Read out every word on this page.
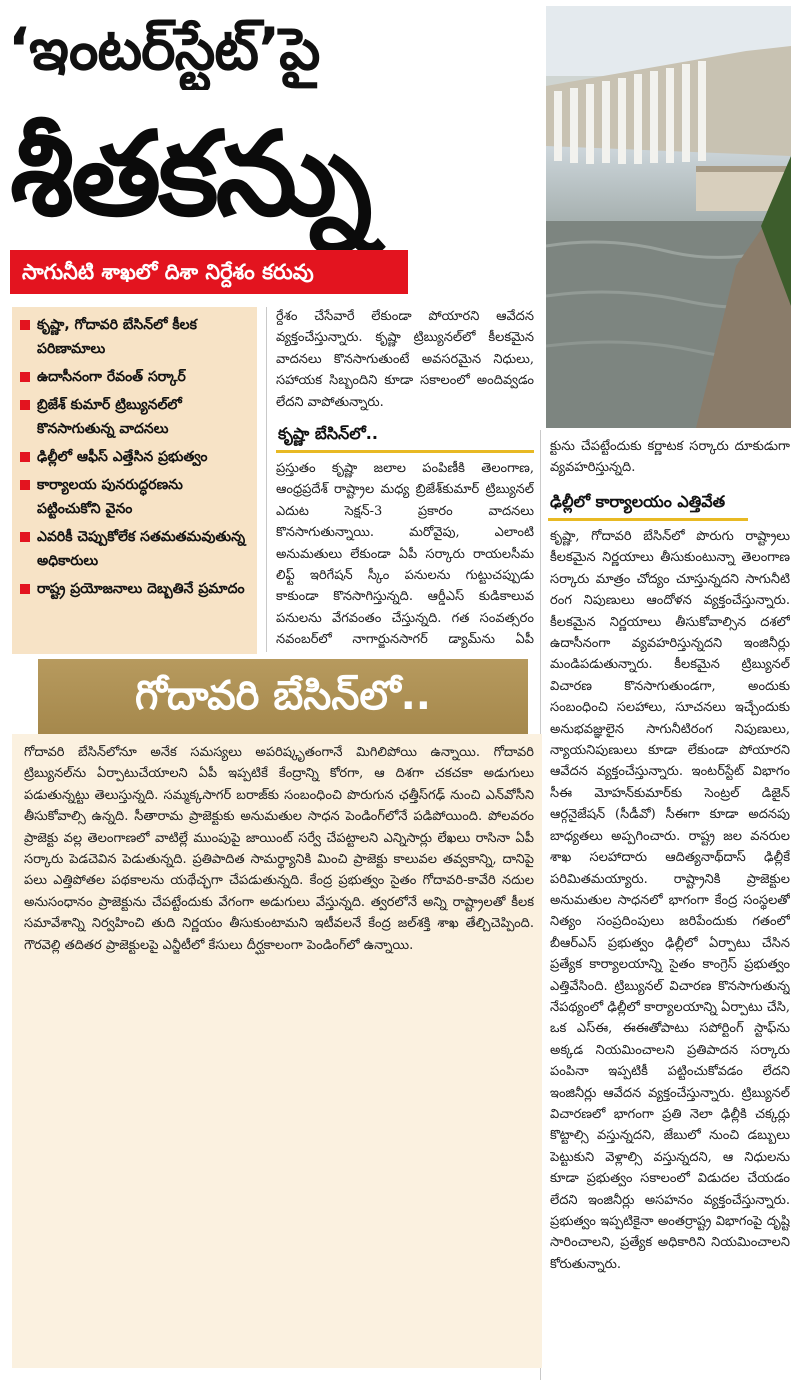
‘ఇంటర్‌స్టేట్’పై
శీతకన్ను
సాగునీటి శాఖలో దిశా నిర్దేశం కరువు
కృష్ణా, గోదావరి బేసిన్‌లో కీలక పరిణామాలు
ఉదాసీనంగా రేవంత్ సర్కార్
బ్రిజేశ్ కుమార్ ట్రిబ్యునల్‌లో కొనసాగుతున్న వాదనలు
ఢిల్లీలో ఆఫీస్ ఎత్తేసిన ప్రభుత్వం
కార్యాలయ పునరుద్ధరణను పట్టించుకోని వైనం
ఎవరికీ చెప్పుకోలేక సతమతమవుతున్న అధికారులు
రాష్ట్ర ప్రయోజనాలు దెబ్బతినే ప్రమాదం
ర్దేశం చేసేవారే లేకుండా పోయారని ఆవేదన వ్యక్తంచేస్తున్నారు. కృష్ణా ట్రిబ్యునల్‌లో కీలకమైన వాదనలు కొనసాగుతుంటే అవసరమైన నిధులు, సహాయక సిబ్బందిని కూడా సకాలంలో అందివ్వడం లేదని వాపోతున్నారు.
కృష్ణా బేసిన్‌లో..
ప్రస్తుతం కృష్ణా జలాల పంపిణీకి తెలంగాణ, ఆంధ్రప్రదేశ్ రాష్ట్రాల మధ్య బ్రిజేశ్‌కుమార్ ట్రిబ్యునల్ ఎదుట సెక్షన్-3 ప్రకారం వాదనలు కొనసాగుతున్నాయి. మరోవైపు, ఎలాంటి అనుమతులు లేకుండా ఏపీ సర్కారు రాయలసీమ లిఫ్ట్ ఇరిగేషన్ స్కీం పనులను గుట్టుచప్పుడు కాకుండా కొనసాగిస్తున్నది. ఆర్డీఎస్ కుడికాలువ పనులను వేగవంతం చేస్తున్నది. గత సంవత్సరం నవంబర్‌లో నాగార్జునసాగర్ డ్యామ్‌ను ఏపీ
క్టును చేపట్టేందుకు కర్ణాటక సర్కారు దూకుడుగా వ్యవహరిస్తున్నది.
ఢిల్లీలో కార్యాలయం ఎత్తివేత
కృష్ణా, గోదావరి బేసిన్‌లో పొరుగు రాష్ట్రాలు కీలకమైన నిర్ణయాలు తీసుకుంటున్నా తెలంగాణ సర్కారు మాత్రం చోద్యం చూస్తున్నదని సాగునీటి రంగ నిపుణులు ఆందోళన వ్యక్తంచేస్తున్నారు. కీలకమైన నిర్ణయాలు తీసుకోవాల్సిన దశలో ఉదాసీనంగా వ్యవహరిస్తున్నదని ఇంజినీర్లు మండిపడుతున్నారు. కీలకమైన ట్రిబ్యునల్ విచారణ కొనసాగుతుండగా, అందుకు సంబంధించి సలహాలు, సూచనలు ఇచ్చేందుకు అనుభవజ్ఞులైన సాగునీటిరంగ నిపుణులు, న్యాయనిపుణులు కూడా లేకుండా పోయారని ఆవేదన వ్యక్తంచేస్తున్నారు. ఇంటర్‌స్టేట్ విభాగం సీఈ మోహన్‌కుమార్‌కు సెంట్రల్ డిజైన్ ఆర్గనైజేషన్ (సీడీవో) సీఈగా కూడా అదనపు బాధ్యతలు అప్పగించారు. రాష్ట్ర జల వనరుల శాఖ సలహాదారు ఆదిత్యనాథ్‌దాస్ ఢిల్లీకే పరిమితమయ్యారు. రాష్ట్రానికి ప్రాజెక్టుల అనుమతుల సాధనలో భాగంగా కేంద్ర సంస్థలతో నిత్యం సంప్రదింపులు జరిపేందుకు గతంలో బీఆర్‌ఎస్ ప్రభుత్వం ఢిల్లీలో ఏర్పాటు చేసిన ప్రత్యేక కార్యాలయాన్ని సైతం కాంగ్రెస్ ప్రభుత్వం ఎత్తివేసింది. ట్రిబ్యునల్ విచారణ కొనసాగుతున్న నేపథ్యంలో ఢిల్లీలో కార్యాలయాన్ని ఏర్పాటు చేసి, ఒక ఎస్‌ఈ, ఈఈతోపాటు సపోర్టింగ్ స్టాఫ్‌ను అక్కడ నియమించాలని ప్రతిపాదన సర్కారు పంపినా ఇప్పటికీ పట్టించుకోవడం లేదని ఇంజినీర్లు ఆవేదన వ్యక్తంచేస్తున్నారు. ట్రిబ్యునల్ విచారణలో భాగంగా ప్రతి నెలా ఢిల్లీకి చక్కర్లు కొట్టాల్సి వస్తున్నదని, జేబులో నుంచి డబ్బులు పెట్టుకుని వెళ్లాల్సి వస్తున్నదని, ఆ నిధులను కూడా ప్రభుత్వం సకాలంలో విడుదల చేయడం లేదని ఇంజినీర్లు అసహనం వ్యక్తంచేస్తున్నారు. ప్రభుత్వం ఇప్పటికైనా అంతర్రాష్ట్ర విభాగంపై దృష్టి సారించాలని, ప్రత్యేక అధికారిని నియమించాలని కోరుతున్నారు.
గోదావరి బేసిన్‌లో..
గోదావరి బేసిన్‌లోనూ అనేక సమస్యలు అపరిష్కృతంగానే మిగిలిపోయి ఉన్నాయి. గోదావరి ట్రిబ్యునల్‌ను ఏర్పాటుచేయాలని ఏపీ ఇప్పటికే కేంద్రాన్ని కోరగా, ఆ దిశగా చకచకా అడుగులు పడుతున్నట్టు తెలుస్తున్నది. సమ్మక్కసాగర్ బరాజ్‌కు సంబంధించి పొరుగున ఛత్తీస్‌గఢ్ నుంచి ఎన్‌వోసీని తీసుకోవాల్సి ఉన్నది. సీతారామ ప్రాజెక్టుకు అనుమతుల సాధన పెండింగ్‌లోనే పడిపోయింది. పోలవరం ప్రాజెక్టు వల్ల తెలంగాణలో వాటిల్లే ముంపుపై జాయింట్ సర్వే చేపట్టాలని ఎన్నిసార్లు లేఖలు రాసినా ఏపీ సర్కారు పెడచెవిన పెడుతున్నది. ప్రతిపాదిత సామర్థ్యానికి మించి ప్రాజెక్టు కాలువల తవ్వకాన్ని, దానిపై పలు ఎత్తిపోతల పథకాలను యథేచ్ఛగా చేపడుతున్నది. కేంద్ర ప్రభుత్వం సైతం గోదావరి-కావేరి నదుల అనుసంధానం ప్రాజెక్టును చేపట్టేందుకు వేగంగా అడుగులు వేస్తున్నది. త్వరలోనే అన్ని రాష్ట్రాలతో కీలక సమావేశాన్ని నిర్వహించి తుది నిర్ణయం తీసుకుంటామని ఇటీవలనే కేంద్ర జల్‌శక్తి శాఖ తేల్చిచెప్పింది. గౌరవెల్లి తదితర ప్రాజెక్టులపై ఎన్జీటీలో కేసులు దీర్ఘకాలంగా పెండింగ్‌లో ఉన్నాయి.
